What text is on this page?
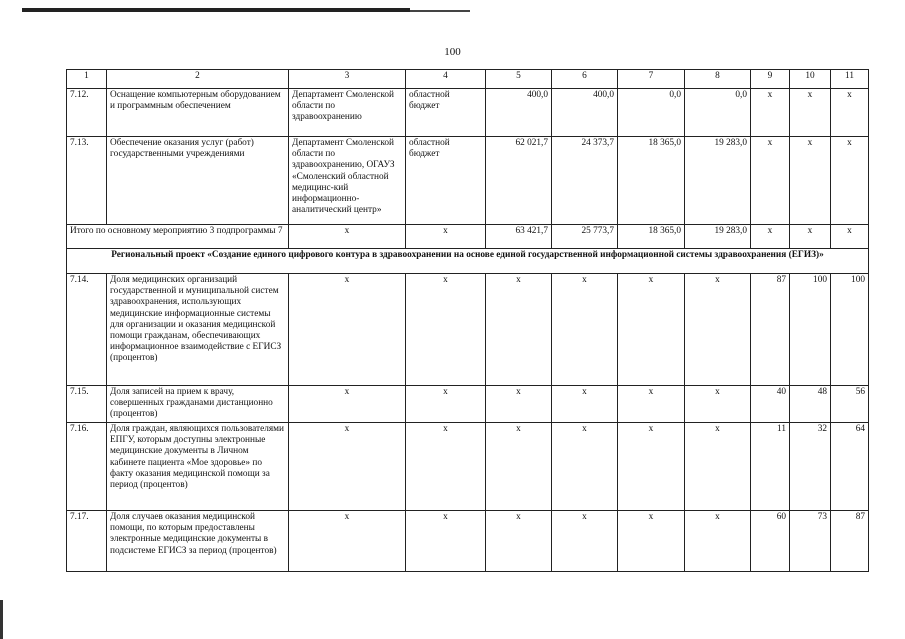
100
1	2	3	4	5	6	7	8	9	10	11
7.12.	Оснащение компьютерным оборудованием и программным обеспечением	Департамент Смоленской области по здравоохранению	областной бюджет	400,0	400,0	0,0	0,0	x	x	x
7.13.	Обеспечение оказания услуг (работ) государственными учреждениями	Департамент Смоленской области по здравоохранению, ОГАУЗ «Смоленский областной медицинс-кий информационно-аналитический центр»	областной бюджет	62 021,7	24 373,7	18 365,0	19 283,0	x	x	x
Итого по основному мероприятию 3 подпрограммы 7		x	x	63 421,7	25 773,7	18 365,0	19 283,0	x	x	x
Региональный проект «Создание единого цифрового контура в здравоохранении на основе единой государственной информационной системы здравоохранения (ЕГИЗ)»										
7.14.	Доля медицинских организаций государственной и муниципальной систем здравоохранения, использующих медицинские информационные системы для организации и оказания медицинской помощи гражданам, обеспечивающих информационное взаимодействие с ЕГИСЗ (процентов)	x	x	x	x	x	x	87	100	100
7.15.	Доля записей на прием к врачу, совершенных гражданами дистанционно (процентов)	x	x	x	x	x	x	40	48	56
7.16.	Доля граждан, являющихся пользователями ЕПГУ, которым доступны электронные медицинские документы в Личном кабинете пациента «Мое здоровье» по факту оказания медицинской помощи за период (процентов)	x	x	x	x	x	x	11	32	64
7.17.	Доля случаев оказания медицинской помощи, по которым предоставлены электронные медицинские документы в подсистеме ЕГИСЗ за период (процентов)	x	x	x	x	x	x	60	73	87
